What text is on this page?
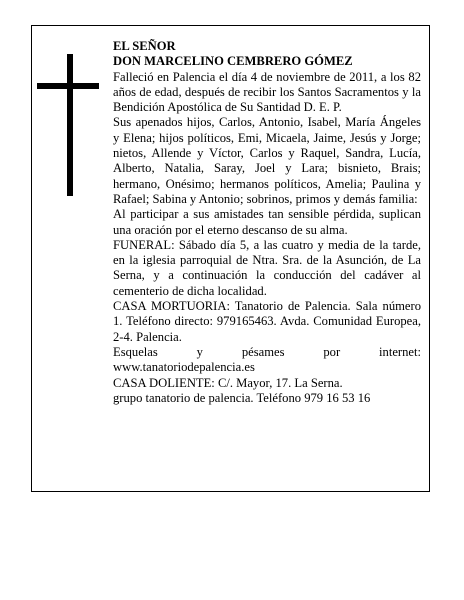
EL SEÑOR

DON MARCELINO CEMBRERO GÓMEZ

Falleció en Palencia el día 4 de noviembre de 2011, a los 82 años de edad, después de recibir los Santos Sacramentos y la Bendición Apostólica de Su Santidad D. E. P.

Sus apenados hijos, Carlos, Antonio, Isabel, María Ángeles y Elena; hijos políticos, Emi, Micaela, Jaime, Jesús y Jorge; nietos, Allende y Víctor, Carlos y Raquel, Sandra, Lucía, Alberto, Natalia, Saray, Joel y Lara; bisnieto, Brais; hermano, Onésimo; hermanos políticos, Amelia; Paulina y Rafael; Sabina y Antonio; sobrinos, primos y demás familia:

Al participar a sus amistades tan sensible pérdida, suplican una oración por el eterno descanso de su alma.

FUNERAL: Sábado día 5, a las cuatro y media de la tarde, en la iglesia parroquial de Ntra. Sra. de la Asunción, de La Serna, y a continuación la conducción del cadáver al cementerio de dicha localidad.

CASA MORTUORIA: Tanatorio de Palencia. Sala número 1. Teléfono directo: 979165463. Avda. Comunidad Europea, 2-4. Palencia.

Esquelas y pésames por internet: www.tanatoriodepalencia.es

CASA DOLIENTE: C/. Mayor, 17. La Serna.

grupo tanatorio de palencia. Teléfono 979 16 53 16
